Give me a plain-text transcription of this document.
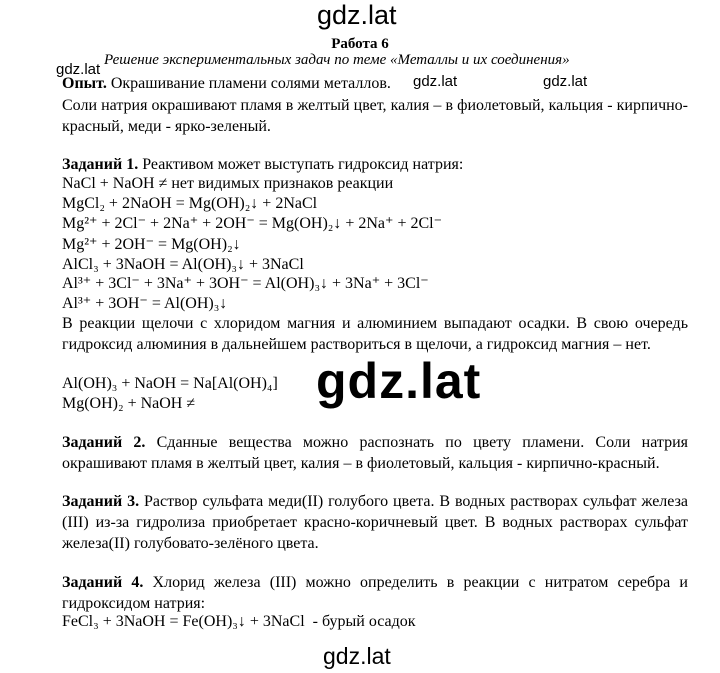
gdz.lat
gdz.lat
gdz.lat	gdz.lat
Работа 6
Решение экспериментальных задач по теме «Металлы и их соединения»
Опыт. Окрашивание пламени солями металлов.
Соли натрия окрашивают пламя в желтый цвет, калия – в фиолетовый, кальция - кирпично-красный, меди - ярко-зеленый.
Заданий 1. Реактивом может выступать гидроксид натрия:
NaCl + NaOH ≠ нет видимых признаков реакции
MgCl₂ + 2NaOH = Mg(OH)₂↓ + 2NaCl
Mg²⁺ + 2Cl⁻ + 2Na⁺ + 2OH⁻ = Mg(OH)₂↓ + 2Na⁺ + 2Cl⁻
Mg²⁺ + 2OH⁻ = Mg(OH)₂↓
AlCl₃ + 3NaOH = Al(OH)₃↓ + 3NaCl
Al³⁺ + 3Cl⁻ + 3Na⁺ + 3OH⁻ = Al(OH)₃↓ + 3Na⁺ + 3Cl⁻
Al³⁺ + 3OH⁻ = Al(OH)₃↓
В реакции щелочи с хлоридом магния и алюминием выпадают осадки. В свою очередь гидроксид алюминия в дальнейшем раствориться в щелочи, а гидроксид магния – нет.
Al(OH)₃ + NaOH = Na[Al(OH)₄]
Mg(OH)₂ + NaOH ≠ gdz.lat
Заданий 2. Сданные вещества можно распознать по цвету пламени. Соли натрия окрашивают пламя в желтый цвет, калия – в фиолетовый, кальция - кирпично-красный.
Заданий 3. Раствор сульфата меди(II) голубого цвета. В водных растворах сульфат железа (III) из-за гидролиза приобретает красно-коричневый цвет. В водных растворах сульфат железа(II) голубовато-зелёного цвета.
Заданий 4. Хлорид железа (III) можно определить в реакции с нитратом серебра и гидроксидом натрия:
FeCl₃ + 3NaOH = Fe(OH)₃↓ + 3NaCl - бурый осадок
gdz.lat
